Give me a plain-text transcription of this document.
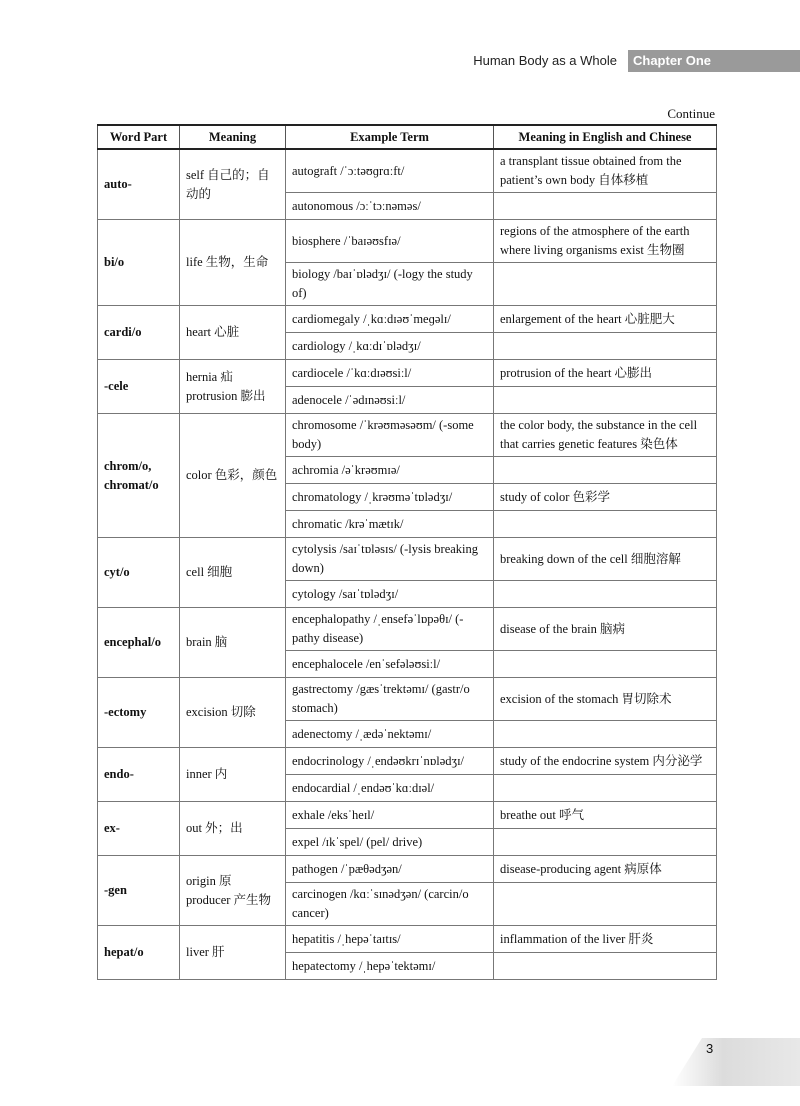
Human Body as a Whole	Chapter One
Continue
Word Part	Meaning	Example Term	Meaning in English and Chinese
auto-	self 自己的；自动的	autograft /ˈɔːtəʊɡrɑːft/	a transplant tissue obtained from the patient’s own body 自体移植
		autonomous /ɔːˈtɔːnəməs/	
bi/o	life 生物，生命	biosphere /ˈbaɪəʊsfɪə/	regions of the atmosphere of the earth where living organisms exist 生物圈
		biology /baɪˈɒlədʒɪ/ (-logy the study of)	
cardi/o	heart 心脏	cardiomegaly /ˌkɑːdɪəʊˈmeɡəlɪ/	enlargement of the heart 心脏肥大
		cardiology /ˌkɑːdɪˈɒlədʒɪ/	
-cele	hernia 疝 protrusion 膨出	cardiocele /ˈkɑːdɪəʊsiːl/	protrusion of the heart 心膨出
		adenocele /ˈədɪnəʊsiːl/	
chrom/o, chromat/o	color 色彩，颜色	chromosome /ˈkrəʊməsəʊm/ (-some body)	the color body, the substance in the cell that carries genetic features 染色体
		achromia /əˈkrəʊmɪə/	
		chromatology /ˌkrəʊməˈtɒlədʒɪ/	study of color 色彩学
		chromatic /krəˈmætɪk/	
cyt/o	cell 细胞	cytolysis /saɪˈtɒləsɪs/ (-lysis breaking down)	breaking down of the cell 细胞溶解
		cytology /saɪˈtɒlədʒɪ/	
encephal/o	brain 脑	encephalopathy /ˌensefəˈlɒpəθɪ/ (-pathy disease)	disease of the brain 脑病
		encephalocele /enˈsefələʊsiːl/	
-ectomy	excision 切除	gastrectomy /gæsˈtrektəmɪ/ (gastr/o stomach)	excision of the stomach 胃切除术
		adenectomy /ˌædəˈnektəmɪ/	
endo-	inner 内	endocrinology /ˌendəʊkrɪˈnɒlədʒɪ/	study of the endocrine system 内分泌学
		endocardial /ˌendəʊˈkɑːdɪəl/	
ex-	out 外；出	exhale /eksˈheɪl/	breathe out 呼气
		expel /ɪkˈspel/ (pel/ drive)	
-gen	origin 原 producer 产生物	pathogen /ˈpæθədʒən/	disease-producing agent 病原体
		carcinogen /kɑːˈsɪnədʒən/ (carcin/o cancer)	
hepat/o	liver 肝	hepatitis /ˌhepəˈtaɪtɪs/	inflammation of the liver 肝炎
		hepatectomy /ˌhepəˈtektəmɪ/	
3
